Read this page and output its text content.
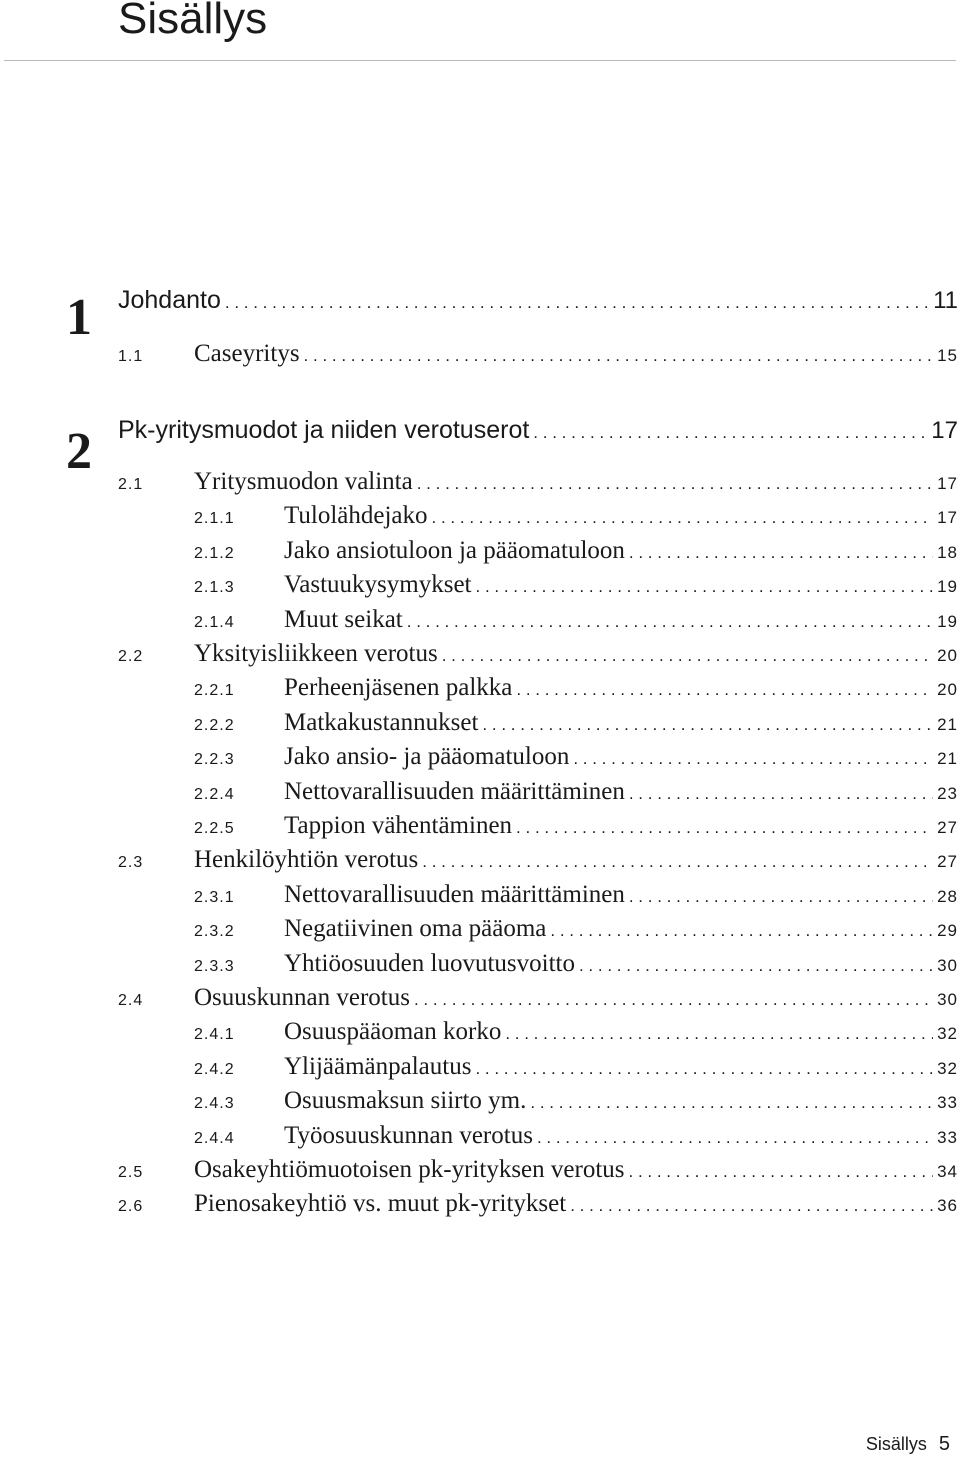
Sisällys
1 Johdanto . . .	11
1.1	Caseyritys . . .	15
2 Pk-yritysmuodot ja niiden verotuserot . . .	17
2.1	Yritysmuodon valinta . . .	17
2.1.1	Tulolähdejako . . .	17
2.1.2	Jako ansiotuloon ja pääomatuloon . . .	18
2.1.3	Vastuukysymykset . . .	19
2.1.4	Muut seikat . . .	19
2.2	Yksityisliikkeen verotus . . .	20
2.2.1	Perheenjäsenen palkka . . .	20
2.2.2	Matkakustannukset . . .	21
2.2.3	Jako ansio- ja pääomatuloon . . .	21
2.2.4	Nettovarallisuuden määrittäminen . . .	23
2.2.5	Tappion vähentäminen . . .	27
2.3	Henkilöyhtiön verotus . . .	27
2.3.1	Nettovarallisuuden määrittäminen . . .	28
2.3.2	Negatiivinen oma pääoma . . .	29
2.3.3	Yhtiöosuuden luovutusvoitto . . .	30
2.4	Osuuskunnan verotus . . .	30
2.4.1	Osuuspääoman korko . . .	32
2.4.2	Ylijäämänpalautus . . .	32
2.4.3	Osuusmaksun siirto ym. . . .	33
2.4.4	Työosuuskunnan verotus . . .	33
2.5	Osakeyhtiömuotoisen pk-yrityksen verotus . . .	34
2.6	Pienosakeyhtiö vs. muut pk-yritykset . . .	36
Sisällys 5
